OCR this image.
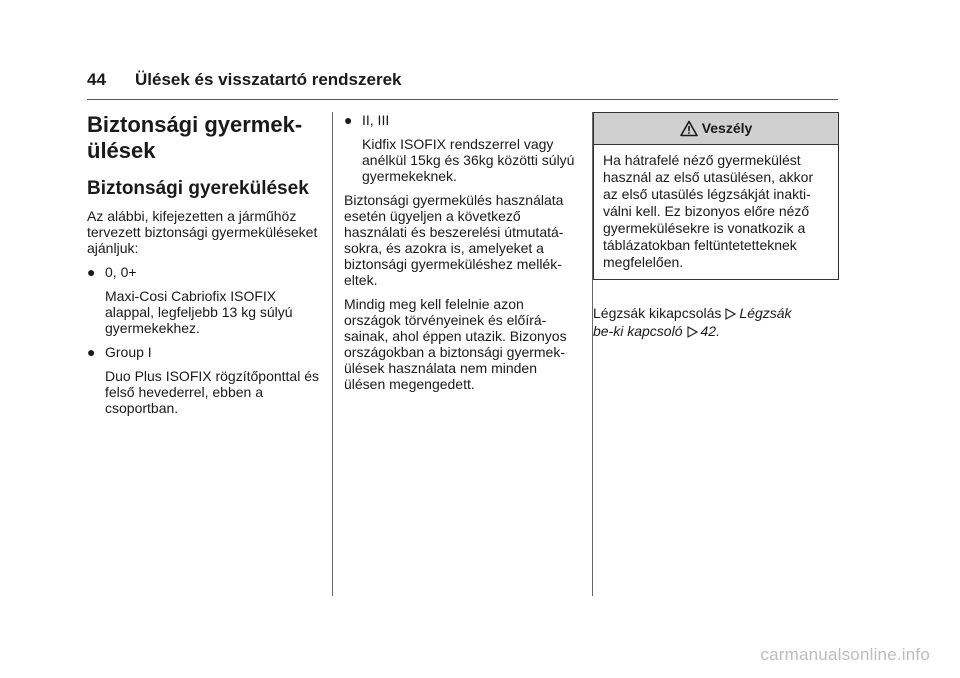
44 Ülések és visszatartó rendszerek
Biztonsági gyermek-
ülések
Biztonsági gyerekülések

Az alábbi, kifejezetten a járműhöz tervezett biztonsági gyermeküléseket ajánljuk:

● 0, 0+

Maxi-Cosi Cabriofix ISOFIX alappal, legfeljebb 13 kg súlyú gyermekekhez.

● Group I

Duo Plus ISOFIX rögzítőponttal és felső hevederrel, ebben a csoportban.

● II, III

Kidfix ISOFIX rendszerrel vagy anélkül 15kg és 36kg közötti súlyú gyermekeknek.

Biztonsági gyermekülés használata esetén ügyeljen a következő használati és beszerelési útmutatásokra, és azokra is, amelyeket a biztonsági gyermeküléshez mellékeltek.

Mindig meg kell felelnie azon országok törvényeinek és előírásainak, ahol éppen utazik. Bizonyos országokban a biztonsági gyermekülések használata nem minden ülésen megengedett.

Veszély
Ha hátrafelé néző gyermekülést használ az első utasülésen, akkor az első utasülés légzsákját inaktiválni kell. Ez bizonyos előre néző gyermekülésekre is vonatkozik a táblázatokban feltüntetetteknek megfelelően.

Légzsák kikapcsolás Légzsák
be-ki kapcsoló 42.

carmanualsonline.info
